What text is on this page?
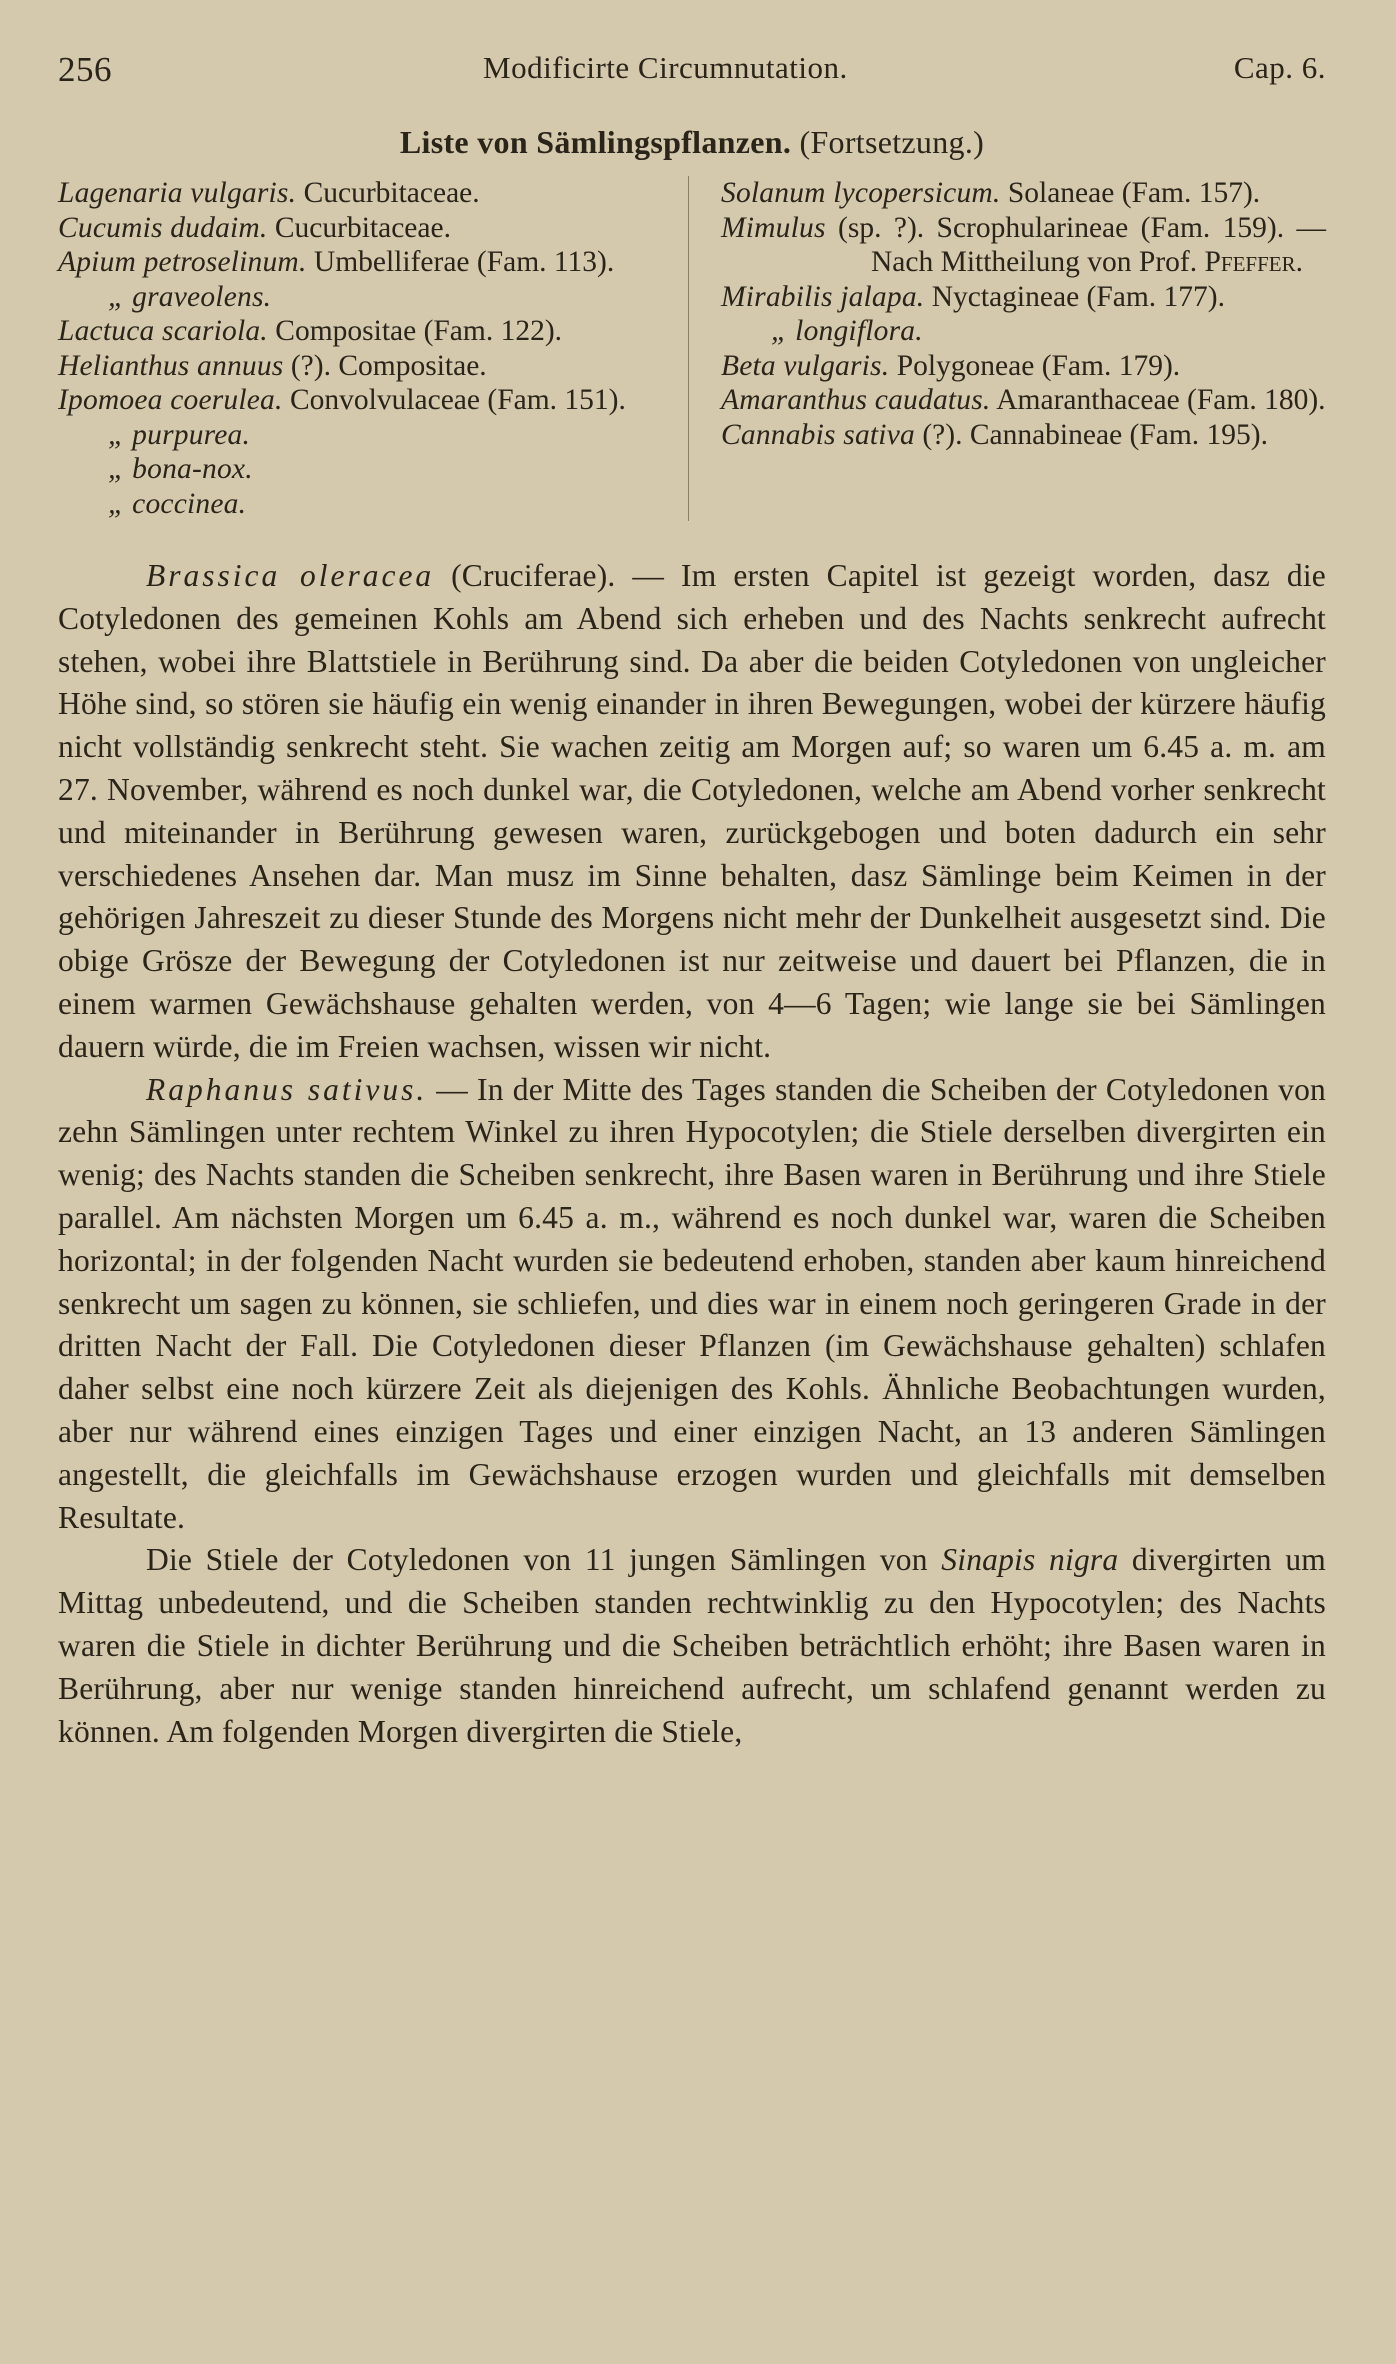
256	Modificirte Circumnutation.	Cap. 6.
Liste von Sämlingspflanzen. (Fortsetzung.)
Lagenaria vulgaris. Cucurbitaceae.
Cucumis dudaim. Cucurbitaceae.
Apium petroselinum. Umbelliferae (Fam. 113).
„ graveolens.
Lactuca scariola. Compositae (Fam. 122).
Helianthus annuus (?). Compositae.
Ipomoea coerulea. Convolvulaceae (Fam. 151).
„ purpurea.
„ bona-nox.
„ coccinea.
Solanum lycopersicum. Solaneae (Fam. 157).
Mimulus (sp. ?). Scrophularineae (Fam. 159). — Nach Mittheilung von Prof. Pfeffer.
Mirabilis jalapa. Nyctagineae (Fam. 177).
„ longiflora.
Beta vulgaris. Polygoneae (Fam. 179).
Amaranthus caudatus. Amaranthaceae (Fam. 180).
Cannabis sativa (?). Cannabineae (Fam. 195).

Brassica oleracea (Cruciferae). — Im ersten Capitel ist gezeigt worden, dasz die Cotyledonen des gemeinen Kohls am Abend sich erheben und des Nachts senkrecht aufrecht stehen, wobei ihre Blattstiele in Berührung sind. Da aber die beiden Cotyledonen von ungleicher Höhe sind, so stören sie häufig ein wenig einander in ihren Bewegungen, wobei der kürzere häufig nicht vollständig senkrecht steht. Sie wachen zeitig am Morgen auf; so waren um 6.45 a. m. am 27. November, während es noch dunkel war, die Cotyledonen, welche am Abend vorher senkrecht und miteinander in Berührung gewesen waren, zurückgebogen und boten dadurch ein sehr verschiedenes Ansehen dar. Man musz im Sinne behalten, dasz Sämlinge beim Keimen in der gehörigen Jahreszeit zu dieser Stunde des Morgens nicht mehr der Dunkelheit ausgesetzt sind. Die obige Grösze der Bewegung der Cotyledonen ist nur zeitweise und dauert bei Pflanzen, die in einem warmen Gewächshause gehalten werden, von 4—6 Tagen; wie lange sie bei Sämlingen dauern würde, die im Freien wachsen, wissen wir nicht.

Raphanus sativus. — In der Mitte des Tages standen die Scheiben der Cotyledonen von zehn Sämlingen unter rechtem Winkel zu ihren Hypocotylen; die Stiele derselben divergirten ein wenig; des Nachts standen die Scheiben senkrecht, ihre Basen waren in Berührung und ihre Stiele parallel. Am nächsten Morgen um 6.45 a. m., während es noch dunkel war, waren die Scheiben horizontal; in der folgenden Nacht wurden sie bedeutend erhoben, standen aber kaum hinreichend senkrecht um sagen zu können, sie schliefen, und dies war in einem noch geringeren Grade in der dritten Nacht der Fall. Die Cotyledonen dieser Pflanzen (im Gewächshause gehalten) schlafen daher selbst eine noch kürzere Zeit als diejenigen des Kohls. Ähnliche Beobachtungen wurden, aber nur während eines einzigen Tages und einer einzigen Nacht, an 13 anderen Sämlingen angestellt, die gleichfalls im Gewächshause erzogen wurden und gleichfalls mit demselben Resultate.

Die Stiele der Cotyledonen von 11 jungen Sämlingen von Sinapis nigra divergirten um Mittag unbedeutend, und die Scheiben standen rechtwinklig zu den Hypocotylen; des Nachts waren die Stiele in dichter Berührung und die Scheiben beträchtlich erhöht; ihre Basen waren in Berührung, aber nur wenige standen hinreichend aufrecht, um schlafend genannt werden zu können. Am folgenden Morgen divergirten die Stiele,
